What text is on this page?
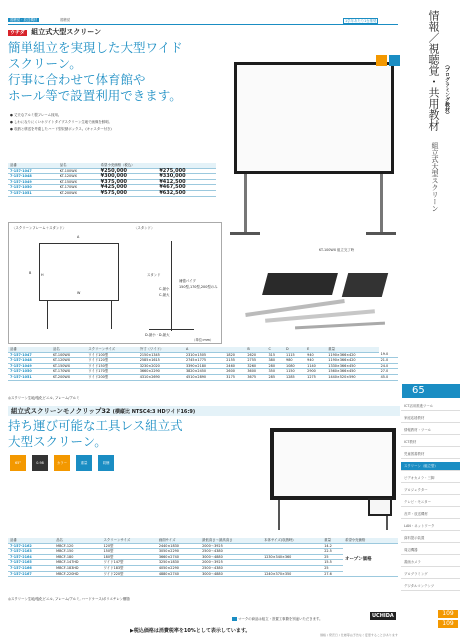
視聴覚・放送機材	視聴覚	1学年あたり1台推奨	情報／視聴覚・共用教材 （プログラミング教材）
組立式大型スクリーン
ウチダ 組立式大型スクリーン
簡単組立を実現した大型ワイド
スクリーン。
行事に合わせて体育館や
ホール等で設置利用できます。
● 丈夫なアルミ製フレーム採用。
● しわになりにくいホワイトタイプスクリーン生地で画像を鮮明。
● 収納と移送を考慮したハード型収納ボックス。(キャスター付き)
KT-100WX 組立完了時
品番	品名	希望小売価格（税込）	
7-157-1047	KT-100WX	¥250,000	¥275,000
7-157-1048	KT-120WX	¥300,000	¥330,000
7-157-1049	KT-150WX	¥375,000	¥412,500
7-157-1050	KT-170WX	¥425,000	¥467,500
7-157-1051	KT-200WX	¥575,000	¥632,500
〈スクリーンフレーム＋スタンド〉	〈スタンド〉
A
B	H
W
スタンド
C-最小
C-最大
補強パイプ
150型,170型,200型のみ
D-最小 · D-最大
（単位:mm）
品番	品名	スクリーンサイズ	外寸（ワイド）	A		B	C	D	E	重量	
7-157-1047	KT-100WX	ワイド100型	2150×1345	2310×1505	1820	2620	315	1115	940	1190×366×420	19.0
7-157-1048	KT-120WX	ワイド120型	2585×1615	2745×1775	2155	2755	380	980	940	1190×366×420	21.0
7-157-1049	KT-150WX	ワイド150型	3230×2020	3390×2180	2460	3260	280	1080	1140	1330×366×450	24.0
7-157-1050	KT-170WX	ワイド170型	3660×2290	3820×2450	2600	3600	350	1150	2900	1560×366×450	27.0
7-157-1051	KT-200WX	ワイド200型	4310×2690	4510×2890	3175	3675	285	1285	1275	1440×520×590	45.0
◎スクリーン生地/塩化ビニル, フレーム/アルミ
組立式スクリーンモノクリップ32 (横縦比 NTSC4:3 HDワイド16:9)
持ち運び可能な工具レス組立式
大型スクリーン。
65°	0.98	カラー	重量	同梱
品番	品名	スクリーンサイズ	画面サイズ	最低高さ〜最高高さ	本体サイズ(収納時)	重量	希望小売価格
7-157-2162	MBCF-120	120型	2440×1830	2000〜3925		14.2	オープン価格
7-157-2163	MBCF-150	150型	3050×2290	2500〜4380		22.5	
7-157-2164	MBCF-180	180型	3660×2740	3000〜4880	1230×340×360	25	
7-157-2165	MBCF-147HD	ワイド147型	3250×1830	2000〜3925		15.5	
7-157-2166	MBCF-183HD	ワイド183型	4050×2290	2500〜4380		25	
7-157-2167	MBCF-220HD	ワイド220型	4880×2740	3000〜4880	1240×370×350	27.6	
◎スクリーン生地/塩化ビニル, フレーム/アルミ, ハードケース/ポリエチレン樹脂
マークの商品は組立・設置工事費を別途いただきます。	UCHIDA
▶税込価格は消費税率を10%として表示しています。
価格 / 発売日 / 仕様等は予告なく変更することがあります
65
ICT活用推進ツール
家庭応援教材
情報教材・ツール
ICT教材
児童図書教材
スクリーン（組立型）
ビデオカメラ・三脚
プロジェクター
テレビ・モニター
音声・放送機材
LAN・ネットワーク
資料提示装置
周辺機器
書画カメラ
プログラミング
デジタルコンテンツ
109
109
